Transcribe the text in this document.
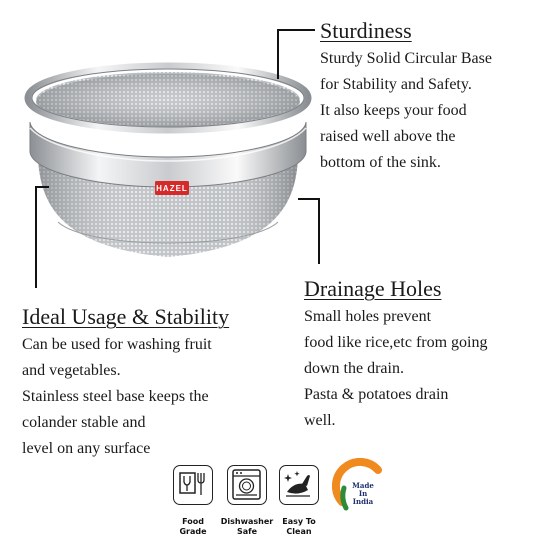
HAZEL
Sturdiness
Sturdy Solid Circular Base
for Stability and Safety.
It also keeps your food
raised well above the
bottom of the sink.
Drainage Holes
Small holes prevent
food like rice,etc from going
down the drain.
Pasta & potatoes drain
well.
Ideal Usage & Stability
Can be used for washing fruit
and vegetables.
Stainless steel base keeps the
colander stable and
level on any surface
Food
Grade
Dishwasher
Safe
Easy To
Clean
Made
In
India
